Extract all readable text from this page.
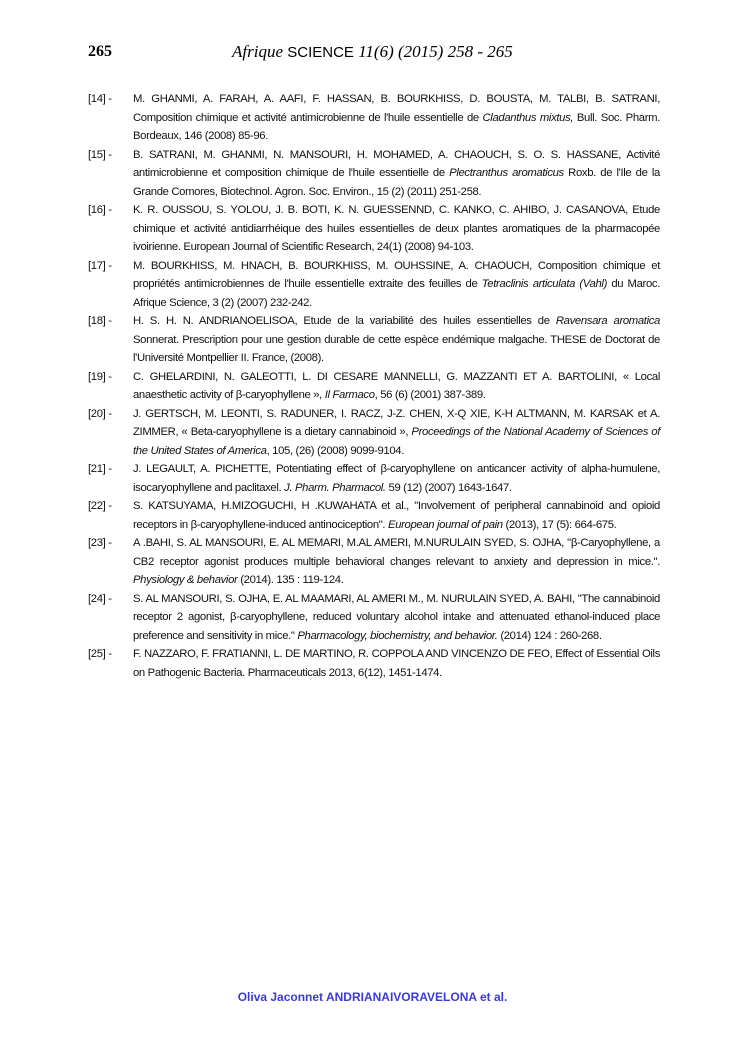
265	Afrique SCIENCE 11(6) (2015) 258 - 265
[14] -	M. GHANMI, A. FARAH, A. AAFI, F. HASSAN, B. BOURKHISS, D. BOUSTA, M. TALBI, B. SATRANI, Composition chimique et activité antimicrobienne de l'huile essentielle de Cladanthus mixtus, Bull. Soc. Pharm. Bordeaux, 146 (2008) 85-96.
[15] -	B. SATRANI, M. GHANMI, N. MANSOURI, H. MOHAMED, A. CHAOUCH, S. O. S. HASSANE, Activité antimicrobienne et composition chimique de l'huile essentielle de Plectranthus aromaticus Roxb. de l'Ile de la Grande Comores, Biotechnol. Agron. Soc. Environ., 15 (2) (2011) 251-258.
[16] -	K. R. OUSSOU, S. YOLOU, J. B. BOTI, K. N. GUESSENND, C. KANKO, C. AHIBO, J. CASANOVA, Etude chimique et activité antidiarrhéique des huiles essentielles de deux plantes aromatiques de la pharmacopée ivoirienne. European Journal of Scientific Research, 24(1) (2008) 94-103.
[17] -	M. BOURKHISS, M. HNACH, B. BOURKHISS, M. OUHSSINE, A. CHAOUCH, Composition chimique et propriétés antimicrobiennes de l'huile essentielle extraite des feuilles de Tetraclinis articulata (Vahl) du Maroc. Afrique Science, 3 (2) (2007) 232-242.
[18] -	H. S. H. N. ANDRIANOELISOA, Etude de la variabilité des huiles essentielles de Ravensara aromatica Sonnerat. Prescription pour une gestion durable de cette espèce endémique malgache. THESE de Doctorat de l'Université Montpellier II. France, (2008).
[19] -	C. GHELARDINI, N. GALEOTTI, L. DI CESARE MANNELLI, G. MAZZANTI ET A. BARTOLINI, « Local anaesthetic activity of β-caryophyllene », Il Farmaco, 56 (6) (2001) 387-389.
[20] -	J. GERTSCH, M. LEONTI, S. RADUNER, I. RACZ, J-Z. CHEN, X-Q XIE, K-H ALTMANN, M. KARSAK et A. ZIMMER, « Beta-caryophyllene is a dietary cannabinoid », Proceedings of the National Academy of Sciences of the United States of America, 105, (26) (2008) 9099-9104.
[21] -	J. LEGAULT, A. PICHETTE, Potentiating effect of β-caryophyllene on anticancer activity of alpha-humulene, isocaryophyllene and paclitaxel. J. Pharm. Pharmacol. 59 (12) (2007) 1643-1647.
[22] -	S. KATSUYAMA, H.MIZOGUCHI, H .KUWAHATA et al., "Involvement of peripheral cannabinoid and opioid receptors in β-caryophyllene-induced antinociception". European journal of pain (2013), 17 (5): 664-675.
[23] -	A .BAHI, S. AL MANSOURI, E. AL MEMARI, M.AL AMERI, M.NURULAIN SYED, S. OJHA, "β-Caryophyllene, a CB2 receptor agonist produces multiple behavioral changes relevant to anxiety and depression in mice.". Physiology & behavior (2014). 135 : 119-124.
[24] -	S. AL MANSOURI, S. OJHA, E. AL MAAMARI, AL AMERI M., M. NURULAIN SYED, A. BAHI, "The cannabinoid receptor 2 agonist, β-caryophyllene, reduced voluntary alcohol intake and attenuated ethanol-induced place preference and sensitivity in mice." Pharmacology, biochemistry, and behavior. (2014) 124 : 260-268.
[25] -	F. NAZZARO, F. FRATIANNI, L. DE MARTINO, R. COPPOLA AND VINCENZO DE FEO, Effect of Essential Oils on Pathogenic Bacteria. Pharmaceuticals 2013, 6(12), 1451-1474.
Oliva Jaconnet ANDRIANAIVORAVELONA et al.
